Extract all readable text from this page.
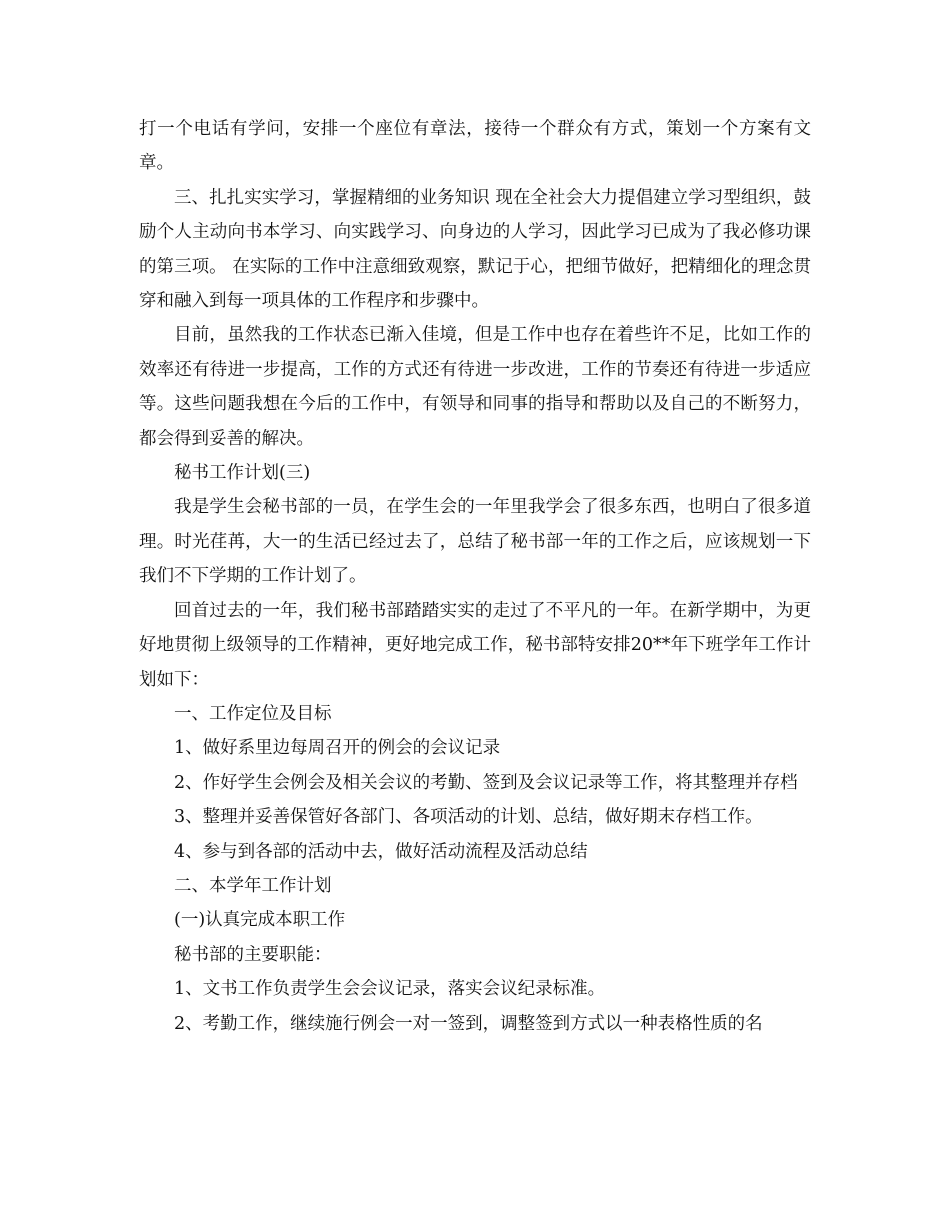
打一个电话有学问，安排一个座位有章法，接待一个群众有方式，策划一个方案有文章。

三、扎扎实实学习，掌握精细的业务知识 现在全社会大力提倡建立学习型组织，鼓励个人主动向书本学习、向实践学习、向身边的人学习，因此学习已成为了我必修功课的第三项。 在实际的工作中注意细致观察，默记于心，把细节做好，把精细化的理念贯穿和融入到每一项具体的工作程序和步骤中。

目前，虽然我的工作状态已渐入佳境，但是工作中也存在着些许不足，比如工作的效率还有待进一步提高，工作的方式还有待进一步改进，工作的节奏还有待进一步适应等。这些问题我想在今后的工作中，有领导和同事的指导和帮助以及自己的不断努力，都会得到妥善的解决。

秘书工作计划(三)

我是学生会秘书部的一员，在学生会的一年里我学会了很多东西，也明白了很多道理。时光荏苒，大一的生活已经过去了，总结了秘书部一年的工作之后，应该规划一下我们不下学期的工作计划了。

回首过去的一年，我们秘书部踏踏实实的走过了不平凡的一年。在新学期中，为更好地贯彻上级领导的工作精神，更好地完成工作，秘书部特安排20**年下班学年工作计划如下：

一、工作定位及目标

1、做好系里边每周召开的例会的会议记录

2、作好学生会例会及相关会议的考勤、签到及会议记录等工作，将其整理并存档

3、整理并妥善保管好各部门、各项活动的计划、总结，做好期末存档工作。

4、参与到各部的活动中去，做好活动流程及活动总结

二、本学年工作计划

(一)认真完成本职工作

秘书部的主要职能：

1、文书工作负责学生会会议记录，落实会议纪录标准。

2、考勤工作，继续施行例会一对一签到，调整签到方式以一种表格性质的名
